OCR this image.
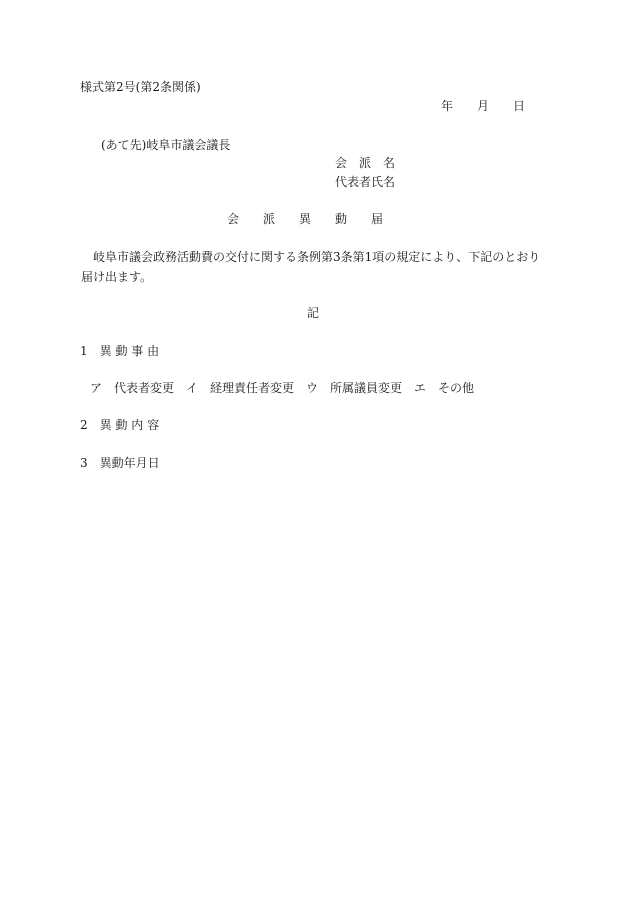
様式第2号(第2条関係)
年　　月　　日
(あて先)岐阜市議会議長
会　派　名
代表者氏名
会　　派　　異　　動　　届
岐阜市議会政務活動費の交付に関する条例第3条第1項の規定により、下記のとおり届け出ます。
記
1　異 動 事 由
ア　代表者変更　イ　経理責任者変更　ウ　所属議員変更　エ　その他
2　異 動 内 容
3　異動年月日
